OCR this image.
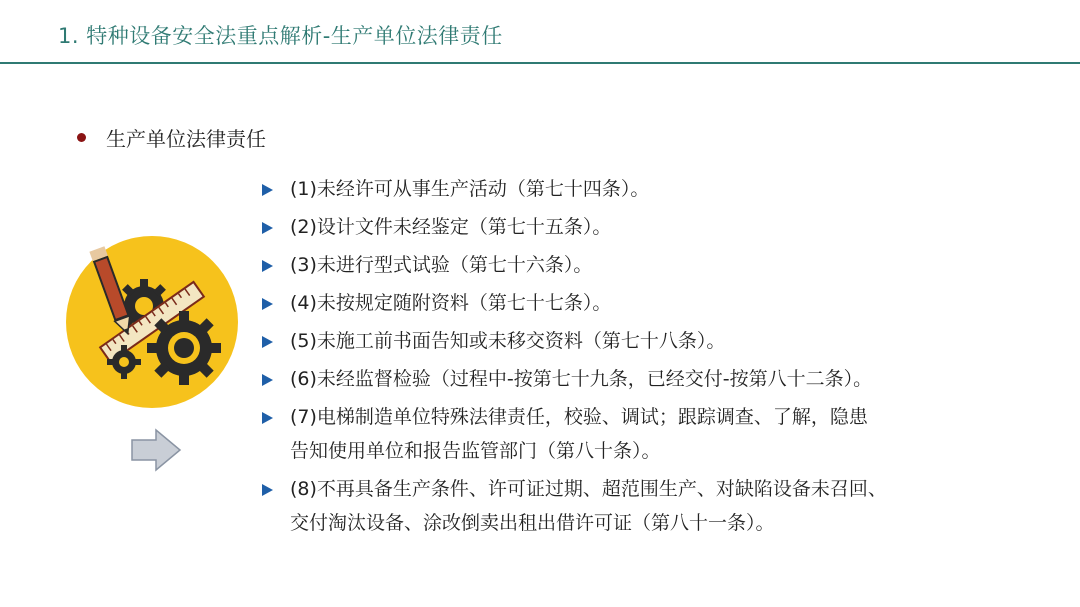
1. 特种设备安全法重点解析-生产单位法律责任
生产单位法律责任
(1)未经许可从事生产活动（第七十四条）。
(2)设计文件未经鉴定（第七十五条）。
(3)未进行型式试验（第七十六条）。
(4)未按规定随附资料（第七十七条）。
(5)未施工前书面告知或未移交资料（第七十八条）。
(6)未经监督检验（过程中-按第七十九条，已经交付-按第八十二条）。
(7)电梯制造单位特殊法律责任，校验、调试；跟踪调查、了解，隐患
告知使用单位和报告监管部门（第八十条）。
(8)不再具备生产条件、许可证过期、超范围生产、对缺陷设备未召回、
交付淘汰设备、涂改倒卖出租出借许可证（第八十一条）。
